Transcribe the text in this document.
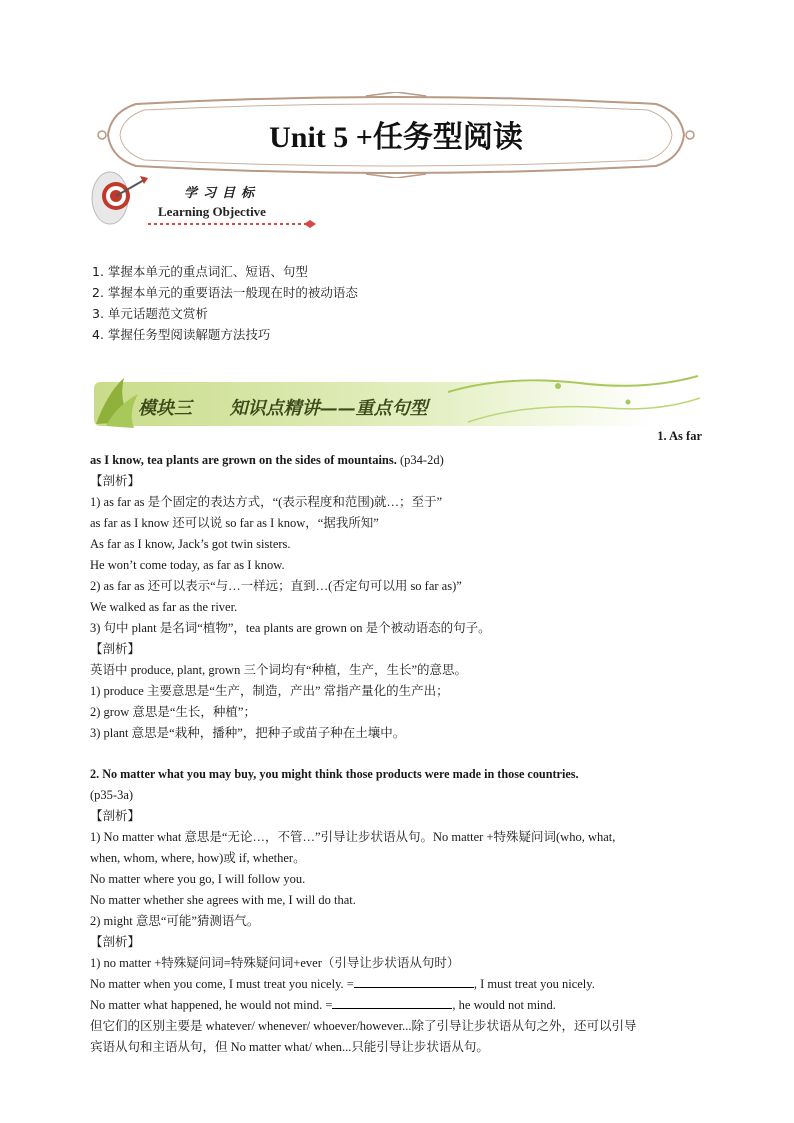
Unit 5 +任务型阅读
学习目标
Learning Objective
1. 掌握本单元的重点词汇、短语、句型
2. 掌握本单元的重要语法一般现在时的被动语态
3. 单元话题范文赏析
4. 掌握任务型阅读解题方法技巧
模块三      知识点精讲——重点句型
1. As far
as I know, tea plants are grown on the sides of mountains. (p34-2d)
【剖析】
1) as far as 是个固定的表达方式，“(表示程度和范围)就…；至于”
as far as I know 还可以说 so far as I know，“据我所知”
As far as I know, Jack’s got twin sisters.
He won’t come today, as far as I know.
2) as far as 还可以表示“与…一样远；直到…(否定句可以用 so far as)”
We walked as far as the river.
3) 句中 plant 是名词“植物”，tea plants are grown on 是个被动语态的句子。
【剖析】
英语中 produce, plant, grown 三个词均有“种植，生产，生长”的意思。
1) produce 主要意思是“生产，制造，产出” 常指产量化的生产出；
2) grow 意思是“生长，种植”；
3) plant 意思是“栽种，播种”，把种子或苗子种在土壤中。
2. No matter what you may buy, you might think those products were made in those countries.
(p35-3a)
【剖析】
1) No matter what 意思是“无论…，不管…”引导让步状语从句。No matter +特殊疑问词(who, what,
when, whom, where, how)或 if, whether。
No matter where you go, I will follow you.
No matter whether she agrees with me, I will do that.
2) might 意思“可能”猜测语气。
【剖析】
1) no matter +特殊疑问词=特殊疑问词+ever（引导让步状语从句时）
No matter when you come, I must treat you nicely. =	, I must treat you nicely.
No matter what happened, he would not mind. =	, he would not mind.
但它们的区别主要是 whatever/ whenever/ whoever/however...除了引导让步状语从句之外，还可以引导
宾语从句和主语从句，但 No matter what/ when...只能引导让步状语从句。
